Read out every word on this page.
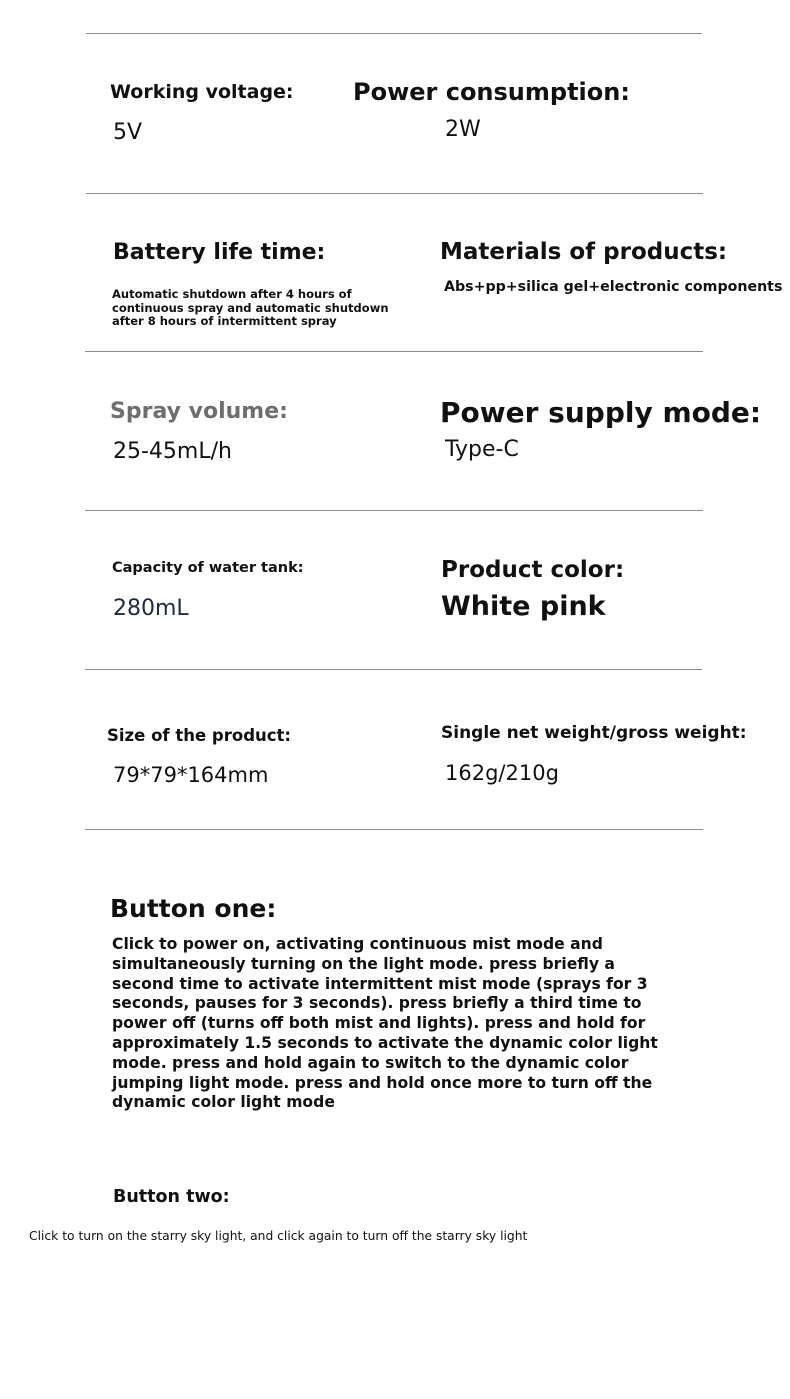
Working voltage:
5V
Power consumption:
2W
Battery life time:
Automatic shutdown after 4 hours of continuous spray and automatic shutdown after 8 hours of intermittent spray
Materials of products:
Abs+pp+silica gel+electronic components
Spray volume:
25-45mL/h
Power supply mode:
Type-C
Capacity of water tank:
280mL
Product color:
White pink
Size of the product:
79*79*164mm
Single net weight/gross weight:
162g/210g
Button one:
Click to power on, activating continuous mist mode and simultaneously turning on the light mode. press briefly a second time to activate intermittent mist mode (sprays for 3 seconds, pauses for 3 seconds). press briefly a third time to power off (turns off both mist and lights). press and hold for approximately 1.5 seconds to activate the dynamic color light mode. press and hold again to switch to the dynamic color jumping light mode. press and hold once more to turn off the dynamic color light mode
Button two:
Click to turn on the starry sky light, and click again to turn off the starry sky light
